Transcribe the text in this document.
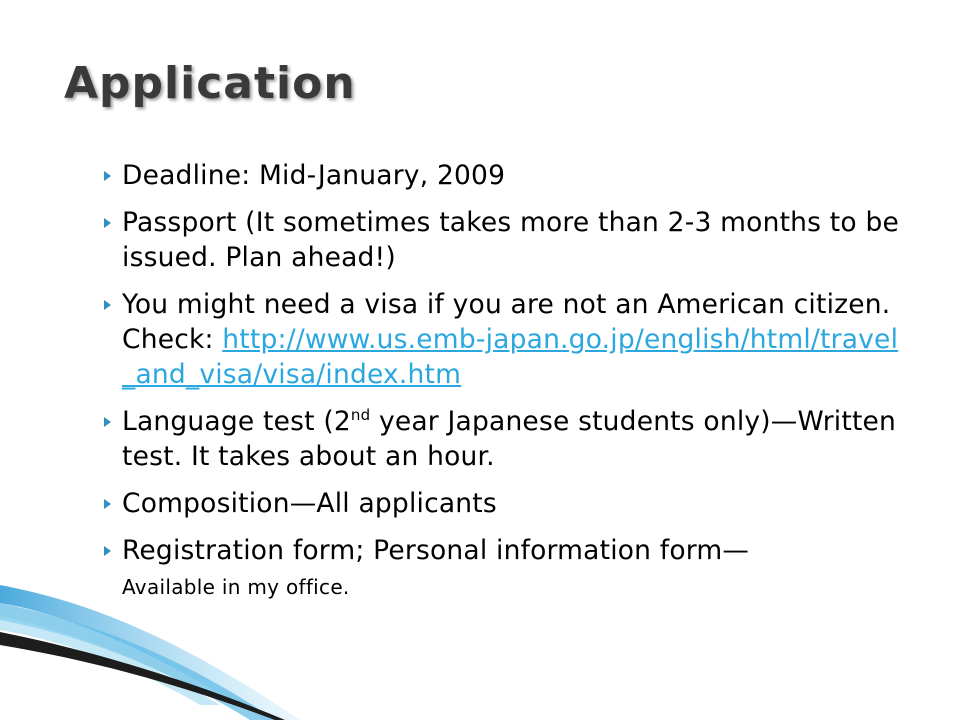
Application
Deadline: Mid-January, 2009
Passport (It sometimes takes more than 2-3 months to be issued. Plan ahead!)
You might need a visa if you are not an American citizen. Check: http://www.us.emb-japan.go.jp/english/html/travel_and_visa/visa/index.htm
Language test (2nd year Japanese students only)—Written test. It takes about an hour.
Composition—All applicants
Registration form; Personal information form—
Available in my office.
